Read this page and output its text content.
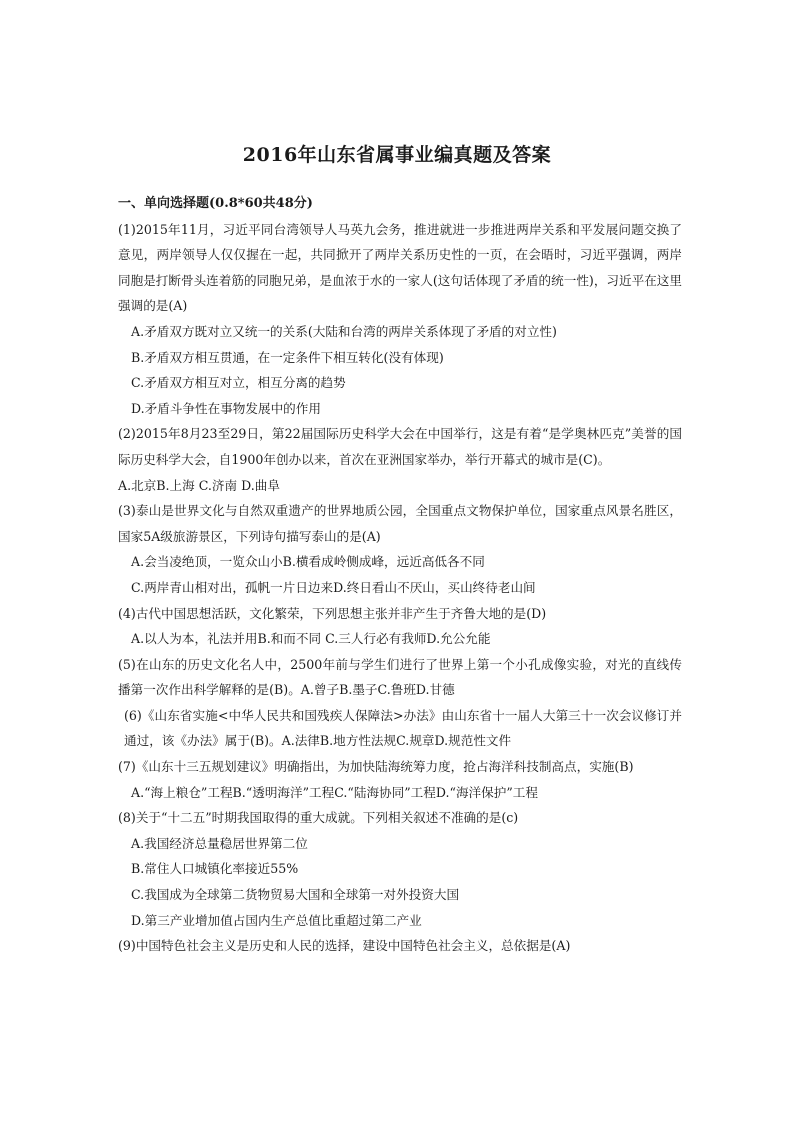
2016年山东省属事业编真题及答案
一、单向选择题(0.8*60共48分)
(1)2015年11月，习近平同台湾领导人马英九会务，推进就进一步推进两岸关系和平发展问题交换了意见，两岸领导人仅仅握在一起，共同掀开了两岸关系历史性的一页，在会晤时，习近平强调，两岸同胞是打断骨头连着筋的同胞兄弟，是血浓于水的一家人(这句话体现了矛盾的统一性)，习近平在这里强调的是(A)
A.矛盾双方既对立又统一的关系(大陆和台湾的两岸关系体现了矛盾的对立性)
B.矛盾双方相互贯通，在一定条件下相互转化(没有体现)
C.矛盾双方相互对立，相互分离的趋势
D.矛盾斗争性在事物发展中的作用
(2)2015年8月23至29日，第22届国际历史科学大会在中国举行，这是有着“是学奥林匹克”美誉的国际历史科学大会，自1900年创办以来，首次在亚洲国家举办，举行开幕式的城市是(C)。
A.北京B.上海 C.济南 D.曲阜
(3)泰山是世界文化与自然双重遗产的世界地质公园，全国重点文物保护单位，国家重点风景名胜区，国家5A级旅游景区，下列诗句描写泰山的是(A)
A.会当凌绝顶，一览众山小B.横看成岭侧成峰，远近高低各不同
C.两岸青山相对出，孤帆一片日边来D.终日看山不厌山，买山终待老山间
(4)古代中国思想活跃，文化繁荣，下列思想主张并非产生于齐鲁大地的是(D)
A.以人为本，礼法并用B.和而不同 C.三人行必有我师D.允公允能
(5)在山东的历史文化名人中，2500年前与学生们进行了世界上第一个小孔成像实验，对光的直线传播第一次作出科学解释的是(B)。A.曾子B.墨子C.鲁班D.甘德
(6)《山东省实施<中华人民共和国残疾人保障法>办法》由山东省十一届人大第三十一次会议修订并通过，该《办法》属于(B)。A.法律B.地方性法规C.规章D.规范性文件
(7)《山东十三五规划建议》明确指出，为加快陆海统筹力度，抢占海洋科技制高点，实施(B)
A.“海上粮仓”工程B.“透明海洋”工程C.“陆海协同”工程D.“海洋保护”工程
(8)关于“十二五”时期我国取得的重大成就。下列相关叙述不准确的是(c)
A.我国经济总量稳居世界第二位
B.常住人口城镇化率接近55%
C.我国成为全球第二货物贸易大国和全球第一对外投资大国
D.第三产业增加值占国内生产总值比重超过第二产业
(9)中国特色社会主义是历史和人民的选择，建设中国特色社会主义，总依据是(A)
